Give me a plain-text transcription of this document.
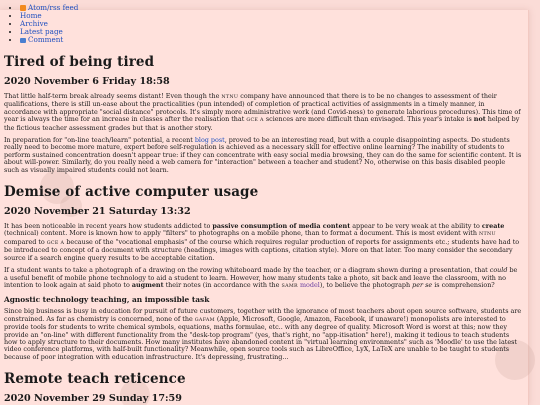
• Atom/rss feed
• Home
• Archive
• Latest page
• Comment
Tired of being tired
2020 November 6 Friday 18:58

That little half-term break already seems distant! Even though the NTNU company have announced that there is to be no changes to assessment of their qualifications, there is still un-ease about the practicalities (pun intended) of completion of practical activities of assignments in a timely manner, in accordance with appropriate "social distance" protocols. It's simply more administrative work (and Covid-ness) to generate laborious procedures). This time of year is always the time for an increase in classes after the realisation that GCE A sciences are more difficult than envisaged. This year's intake is not helped by the fictious teacher assessment grades but that is another story.

In preparation for "on-line teach/learn" potential, a recent blog post, proved to be an interesting read, but with a couple disappointing aspects. Do students really need to become more mature, expert before self-regulation is achieved as a necessary skill for effective online learning? The inability of students to perform sustained concentration doesn't appear true: if they can concentrate with easy social media browsing, they can do the same for scientific content. It is about will-power. Similarly, do you really need a web camera for "interaction" between a teacher and student? No, otherwise on this basis disabled people such as visually impaired students could not learn.

Demise of active computer usage
2020 November 21 Saturday 13:32

It has been noticeable in recent years how students addicted to passive consumption of media content appear to be very weak at the ability to create (technical) content. More is known how to apply "filters" to photographs on a mobile phone, than to format a document. This is most evident with NTNU compared to GCE A because of the "vocational emphasis" of the course which requires regular production of reports for assignments etc.; students have had to be introduced to concept of a document with structure (headings, images with captions, citation style). More on that later. Too many consider the secondary source if a search engine query results to be acceptable citation.

If a student wants to take a photograph of a drawing on the rowing whiteboard made by the teacher, or a diagram shown during a presentation, that could be a useful benefit of mobile phone technology to aid a student to learn. However, how many students take a photo, sit back and leave the classroom, with no intention to look again at said photo to augment their notes (in accordance with the SAMR model), to believe the photograph per se is comprehension?

Agnostic technology teaching, an impossible task

Since big business is busy in education for pursuit of future customers, together with the ignorance of most teachers about open source software, students are constrained. As far as chemistry is concerned, none of the GAFAM (Apple, Microsoft, Google, Amazon, Facebook, if unaware!) monopolists are interested to provide tools for students to write chemical symbols, equations, maths formulae, etc.. with any degree of quality. Microsoft Word is worst at this; now they provide an "on-line" with different functionality from the "desk-top program" (yes, that's right, no "app-itisation" here!), making it tedious to teach students how to apply structure to their documents. How many institutes have abandoned content in "virtual learning environments" such as 'Moodle' to use the latest video conference platforms, with half-built functionality? Meanwhile, open source tools such as LibreOffice, LyX, LaTeX are unable to be taught to students because of poor integration with education infrastructure. It's depressing, frustrating...

Remote teach reticence
2020 November 29 Sunday 17:59
